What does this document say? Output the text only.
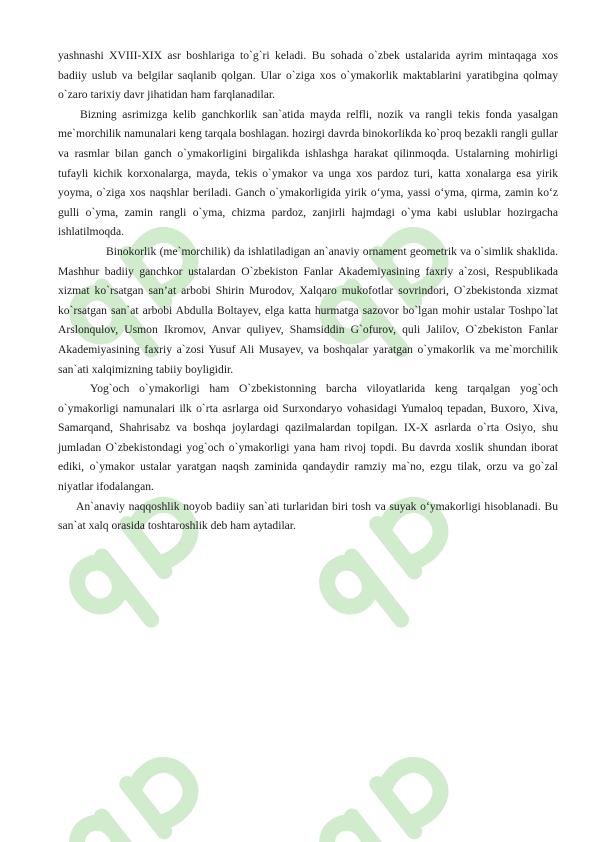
yashnashi XVIII-XIX asr boshlariga to`g`ri keladi. Bu sohada o`zbek ustalarida ayrim mintaqaga xos badiiy uslub va belgilar saqlanib qolgan. Ular o`ziga xos o`ymakorlik maktablarini yaratibgina qolmay o`zaro tarixiy davr jihatidan ham farqlanadilar.

Bizning asrimizga kelib ganchkorlik san`atida mayda relfli, nozik va rangli tekis fonda yasalgan me`morchilik namunalari keng tarqala boshlagan. hozirgi davrda binokorlikda ko`proq bezakli rangli gullar va rasmlar bilan ganch o`ymakorligini birgalikda ishlashga harakat qilinmoqda. Ustalarning mohirligi tufayli kichik korxonalarga, mayda, tekis o`ymakor va unga xos pardoz turi, katta xonalarga esa yirik yoyma, o`ziga xos naqshlar beriladi. Ganch o`ymakorligida yirik o‘yma, yassi o‘yma, qirma, zamin ko‘z gulli o`yma, zamin rangli o`yma, chizma pardoz, zanjirli hajmdagi o`yma kabi uslublar hozirgacha ishlatilmoqda.

Binokorlik (me`morchilik) da ishlatiladigan an`anaviy ornament geometrik va o`simlik shaklida. Mashhur badiiy ganchkor ustalardan O`zbekiston Fanlar Akademiyasining faxriy a`zosi, Respublikada xizmat ko`rsatgan san’at arbobi Shirin Murodov, Xalqaro mukofotlar sovrindori, O`zbekistonda xizmat ko`rsatgan san`at arbobi Abdulla Boltayev, elga katta hurmatga sazovor bo`lgan mohir ustalar Toshpo`lat Arslonqulov, Usmon Ikromov, Anvar quliyev, Shamsiddin G`ofurov, quli Jalilov, O`zbekiston Fanlar Akademiyasining faxriy a`zosi Yusuf Ali Musayev, va boshqalar yaratgan o`ymakorlik va me`morchilik san`ati xalqimizning tabiiy boyligidir.

Yog`och o`ymakorligi ham O`zbekistonning barcha viloyatlarida keng tarqalgan yog`och o`ymakorligi namunalari ilk o`rta asrlarga oid Surxondaryo vohasidagi Yumaloq tepadan, Buxoro, Xiva, Samarqand, Shahrisabz va boshqa joylardagi qazilmalardan topilgan. IX-X asrlarda o`rta Osiyo, shu jumladan O`zbekistondagi yog`och o`ymakorligi yana ham rivoj topdi. Bu davrda xoslik shundan iborat ediki, o`ymakor ustalar yaratgan naqsh zaminida qandaydir ramziy ma`no, ezgu tilak, orzu va go`zal niyatlar ifodalangan.

An`anaviy naqqoshlik noyob badiiy san`ati turlaridan biri tosh va suyak o‘ymakorligi hisoblanadi. Bu san`at xalq orasida toshtaroshlik deb ham aytadilar.
